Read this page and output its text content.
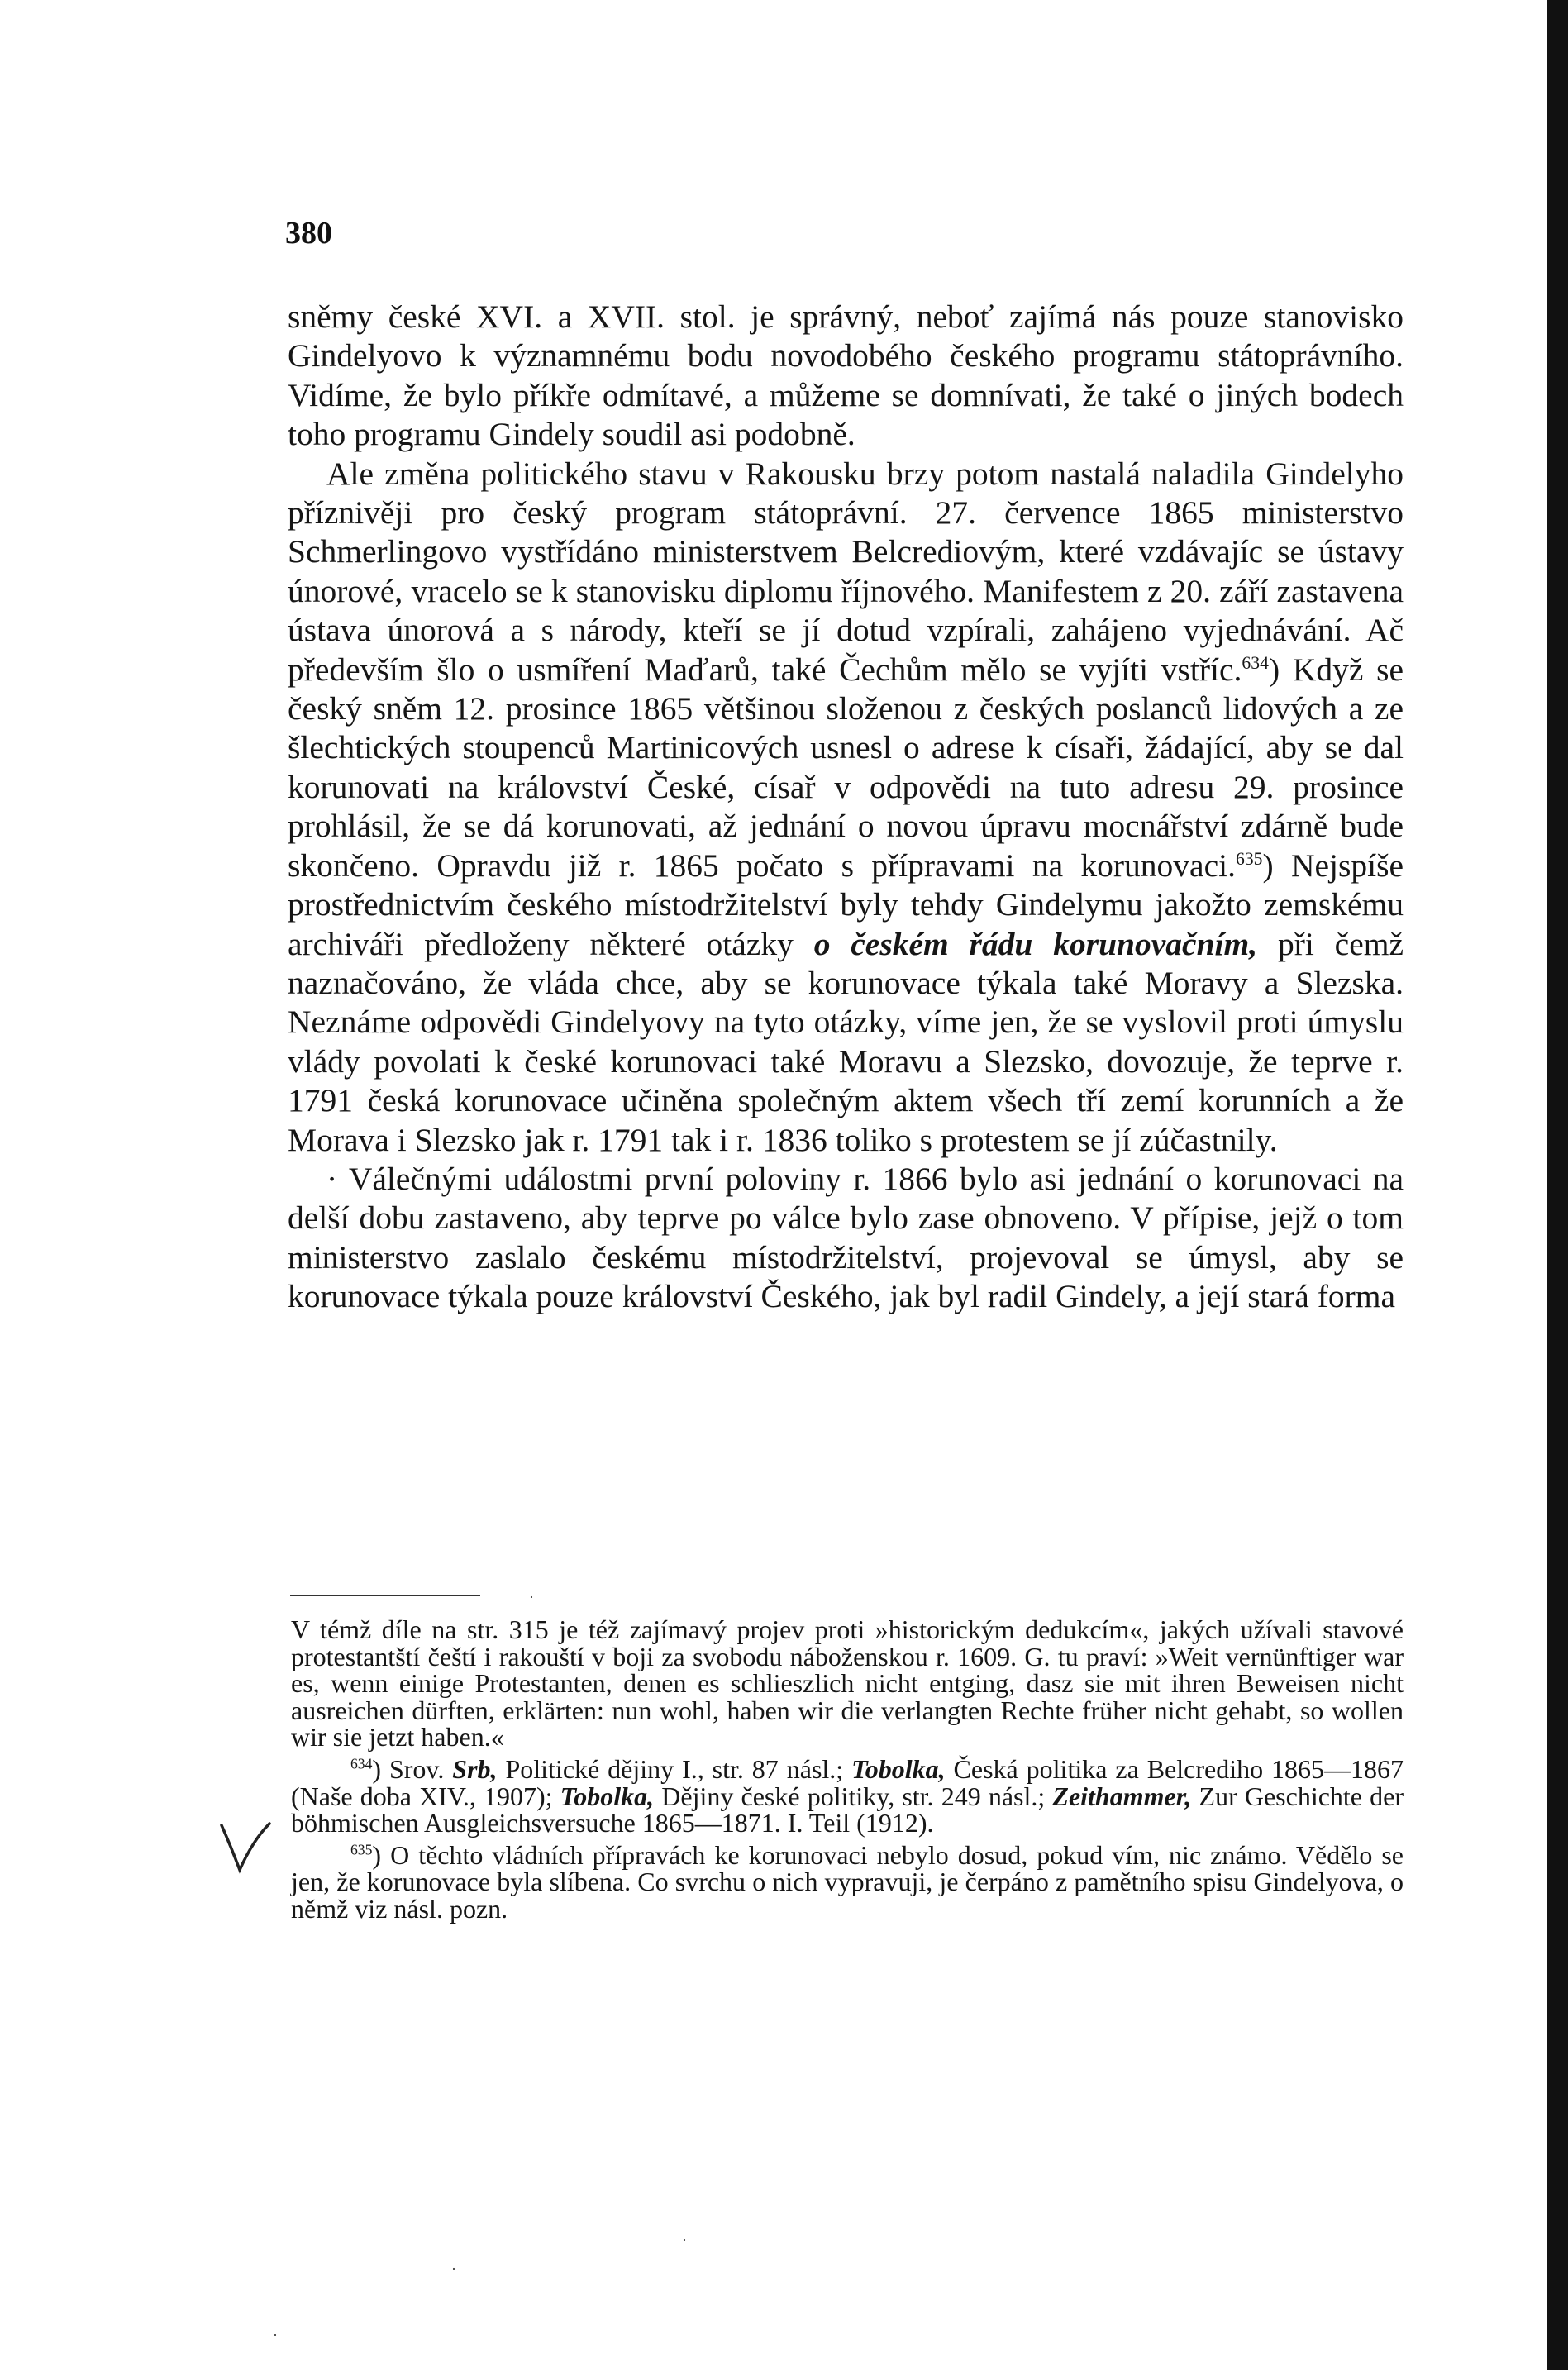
380

sněmy české XVI. a XVII. stol. je správný, neboť zajímá nás pouze stanovisko Gindelyovo k významnému bodu novodobého českého programu státoprávního. Vidíme, že bylo příkře odmítavé, a můžeme se domnívati, že také o jiných bodech toho programu Gindely soudil asi podobně.

Ale změna politického stavu v Rakousku brzy potom nastalá naladila Gindelyho příznivěji pro český program státoprávní. 27. července 1865 ministerstvo Schmerlingovo vystřídáno ministerstvem Belcrediovým, které vzdávajíc se ústavy únorové, vracelo se k stanovisku diplomu říjnového. Manifestem z 20. září zastavena ústava únorová a s národy, kteří se jí dotud vzpírali, zahájeno vyjednávání. Ač především šlo o usmíření Maďarů, také Čechům mělo se vyjíti vstříc.$^{634}$) Když se český sněm 12. prosince 1865 většinou složenou z českých poslanců lidových a ze šlechtických stoupenců Martinicových usnesl o adrese k císaři, žádající, aby se dal korunovati na království České, císař v odpovědi na tuto adresu 29. prosince prohlásil, že se dá korunovati, až jednání o novou úpravu mocnářství zdárně bude skončeno. Opravdu již r. 1865 počato s přípravami na korunovaci.$^{635}$) Nejspíše prostřednictvím českého místodržitelství byly tehdy Gindelymu jakožto zemskému archiváři předloženy některé otázky o českém řádu korunovačním, při čemž naznačováno, že vláda chce, aby se korunovace týkala také Moravy a Slezska. Neznáme odpovědi Gindelyovy na tyto otázky, víme jen, že se vyslovil proti úmyslu vlády povolati k české korunovaci také Moravu a Slezsko, dovozuje, že teprve r. 1791 česká korunovace učiněna společným aktem všech tří zemí korunních a že Morava i Slezsko jak r. 1791 tak i r. 1836 toliko s protestem se jí zúčastnily.

· Válečnými událostmi první poloviny r. 1866 bylo asi jednání o korunovaci na delší dobu zastaveno, aby teprve po válce bylo zase obnoveno. V přípise, jejž o tom ministerstvo zaslalo českému místodržitelství, projevoval se úmysl, aby se korunovace týkala pouze království Českého, jak byl radil Gindely, a její stará forma

V témž díle na str. 315 je též zajímavý projev proti »historickým dedukcím«, jakých užívali stavové protestantští čeští i rakouští v boji za svobodu náboženskou r. 1609. G. tu praví: »Weit vernünftiger war es, wenn einige Protestanten, denen es schlieszlich nicht entging, dasz sie mit ihren Beweisen nicht ausreichen dürften, erklärten: nun wohl, haben wir die verlangten Rechte früher nicht gehabt, so wollen wir sie jetzt haben.«

$^{634}$) Srov. Srb, Politické dějiny I., str. 87 násl.; Tobolka, Česká politika za Belcrediho 1865—1867 (Naše doba XIV., 1907); Tobolka, Dějiny české politiky, str. 249 násl.; Zeithammer, Zur Geschichte der böhmischen Ausgleichsversuche 1865—1871. I. Teil (1912).

$^{635}$) O těchto vládních přípravách ke korunovaci nebylo dosud, pokud vím, nic známo. Vědělo se jen, že korunovace byla slíbena. Co svrchu o nich vypravuji, je čerpáno z pamětního spisu Gindelyova, o němž viz násl. pozn.

·
·
·
·
